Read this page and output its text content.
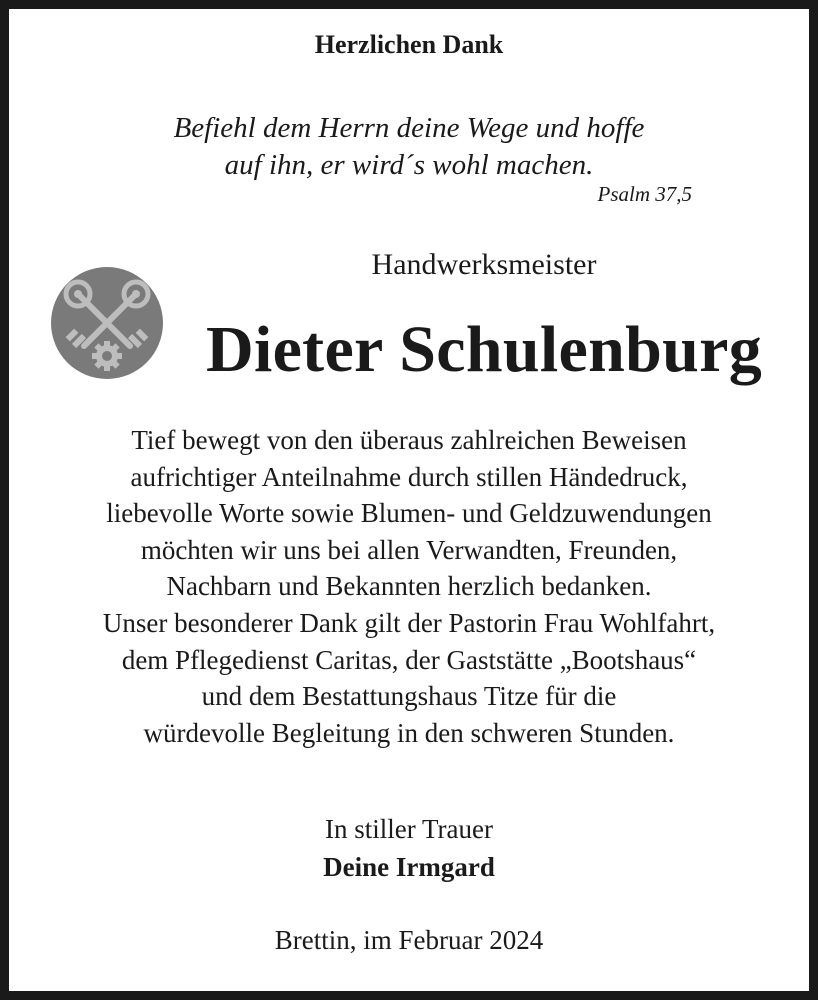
Herzlichen Dank
Befiehl dem Herrn deine Wege und hoffe
auf ihn, er wird´s wohl machen.
Psalm 37,5
Handwerksmeister
Dieter Schulenburg
Tief bewegt von den überaus zahlreichen Beweisen
aufrichtiger Anteilnahme durch stillen Händedruck,
liebevolle Worte sowie Blumen- und Geldzuwendungen
möchten wir uns bei allen Verwandten, Freunden,
Nachbarn und Bekannten herzlich bedanken.
Unser besonderer Dank gilt der Pastorin Frau Wohlfahrt,
dem Pflegedienst Caritas, der Gaststätte „Bootshaus“
und dem Bestattungshaus Titze für die
würdevolle Begleitung in den schweren Stunden.
In stiller Trauer
Deine Irmgard
Brettin, im Februar 2024
